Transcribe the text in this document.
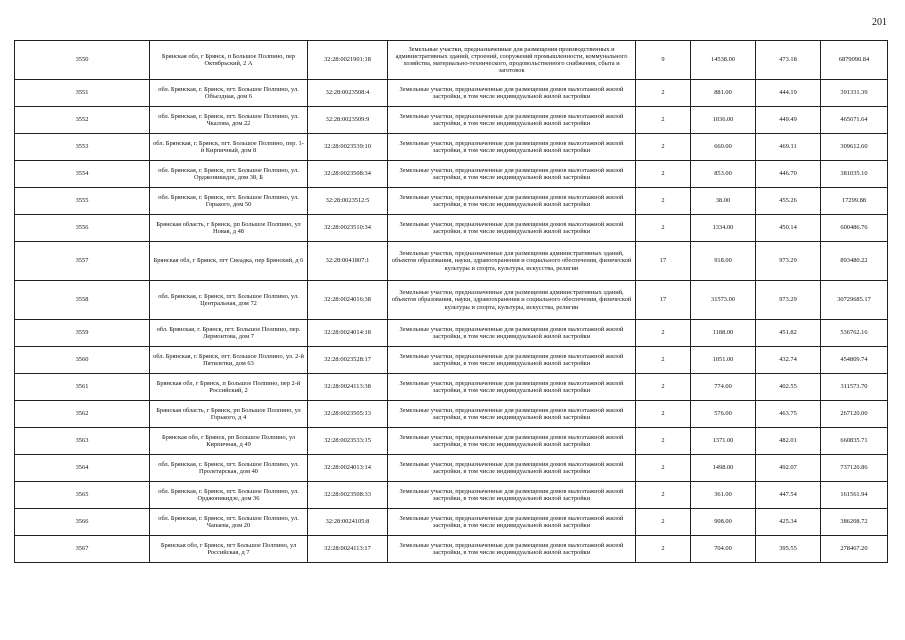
201
3550	Брянская обл, г Брянск, п Большое Полпино, пер Октябрьский, 2 А	32:28:0021901:18	Земельные участки, предназначенные для размещения производственных и административных зданий, строений, сооружений промышленности, коммунального хозяйства, материально-технического, продовольственного снабжения, сбыта и заготовок	9	14538.00	473.18	6879090.84
3551	обл. Брянская, г. Брянск, пгт. Большое Полпино, ул. Объездная, дом 6	32:28:0023508:4	Земельные участки, предназначенные для размещения домов малоэтажной жилой застройки, в том числе индивидуальной жилой застройки	2	881.00	444.19	391331.39
3552	обл. Брянская, г. Брянск, пгт. Большое Полпино, ул. Чкалова, дом 22	32:28:0023509:9	Земельные участки, предназначенные для размещения домов малоэтажной жилой застройки, в том числе индивидуальной жилой застройки	2	1036.00	449.49	465671.64
3553	обл. Брянская, г. Брянск, пгт. Большое Полпино, пер. 1-й Кирпичный, дом 8	32:28:0023539:10	Земельные участки, предназначенные для размещения домов малоэтажной жилой застройки, в том числе индивидуальной жилой застройки	2	660.00	469.11	309612.60
3554	обл. Брянская, г. Брянск, пгт. Большое Полпино, ул. Орджоникидзе, дом 38, Б	32:28:0023508:34	Земельные участки, предназначенные для размещения домов малоэтажной жилой застройки, в том числе индивидуальной жилой застройки	2	853.00	446.70	381035.10
3555	обл. Брянская, г. Брянск, пгт. Большое Полпино, ул. Горького, дом 50	32:28:0023512:5	Земельные участки, предназначенные для размещения домов малоэтажной жилой застройки, в том числе индивидуальной жилой застройки	2	38.00	455.26	17299.88
3556	Брянская область, г Брянск, рп Большое Полпино, ул Новая, д 48	32:28:0023510:34	Земельные участки, предназначенные для размещения домов малоэтажной жилой застройки, в том числе индивидуальной жилой застройки	2	1334.00	450.14	600486.76
3557	Брянская обл, г Брянск, пгт Свеадка, пер Брянский, д 6	32:28:0041807:1	Земельные участки, предназначенные для размещения административных зданий, объектов образования, науки, здравоохранения и социального обеспечения, физической культуры и спорта, культуры, искусства, религии	17	918.00	973.29	893480.22
3558	обл. Брянская, г. Брянск, пгт. Большое Полпино, ул. Центральная, дом 72	32:28:0024016:38	Земельные участки, предназначенные для размещения административных зданий, объектов образования, науки, здравоохранения и социального обеспечения, физической культуры и спорта, культуры, искусства, религии	17	31573.00	973.29	30729685.17
3559	обл. Брянская, г. Брянск, пгт. Большое Полпино, пер. Лермонтова, дом 7	32:28:0024014:18	Земельные участки, предназначенные для размещения домов малоэтажной жилой застройки, в том числе индивидуальной жилой застройки	2	1188.00	451.82	536762.16
3560	обл. Брянская, г. Брянск, пгт. Большое Полпино, ул. 2-й Пятилетки, дом 63	32:28:0023528:17	Земельные участки, предназначенные для размещения домов малоэтажной жилой застройки, в том числе индивидуальной жилой застройки	2	1051.00	432.74	454809.74
3561	Брянская обл, г Брянск, п Большое Полпино, пер 2-й Российский, 2	32:28:0024113:38	Земельные участки, предназначенные для размещения домов малоэтажной жилой застройки, в том числе индивидуальной жилой застройки	2	774.00	402.55	311573.70
3562	Брянская область, г Брянск, рп Большое Полпино, ул Горького, д 4	32:28:0023505:13	Земельные участки, предназначенные для размещения домов малоэтажной жилой застройки, в том числе индивидуальной жилой застройки	2	576.00	463.75	267120.00
3563	Брянская обл, г Брянск, рп Большое Полпино, ул Кирпичная, д 49	32:28:0023533:15	Земельные участки, предназначенные для размещения домов малоэтажной жилой застройки, в том числе индивидуальной жилой застройки	2	1371.00	482.01	660835.71
3564	обл. Брянская, г. Брянск, пгт. Большое Полпино, ул. Пролетарская, дом 40	32:28:0024013:14	Земельные участки, предназначенные для размещения домов малоэтажной жилой застройки, в том числе индивидуальной жилой застройки	2	1498.00	492.07	737120.86
3565	обл. Брянская, г. Брянск, пгт. Большое Полпино, ул. Орджоникидзе, дом 36	32:28:0023508:33	Земельные участки, предназначенные для размещения домов малоэтажной жилой застройки, в том числе индивидуальной жилой застройки	2	361.00	447.54	161561.94
3566	обл. Брянская, г. Брянск, пгт. Большое Полпино, ул. Чапаева, дом 20	32:28:0024105:8	Земельные участки, предназначенные для размещения домов малоэтажной жилой застройки, в том числе индивидуальной жилой застройки	2	908.00	425.34	386208.72
3567	Брянская обл, г Брянск, пгт Большое Полпино, ул Российская, д 7	32:28:0024113:17	Земельные участки, предназначенные для размещения домов малоэтажной жилой застройки, в том числе индивидуальной жилой застройки	2	704.00	395.55	278467.20
